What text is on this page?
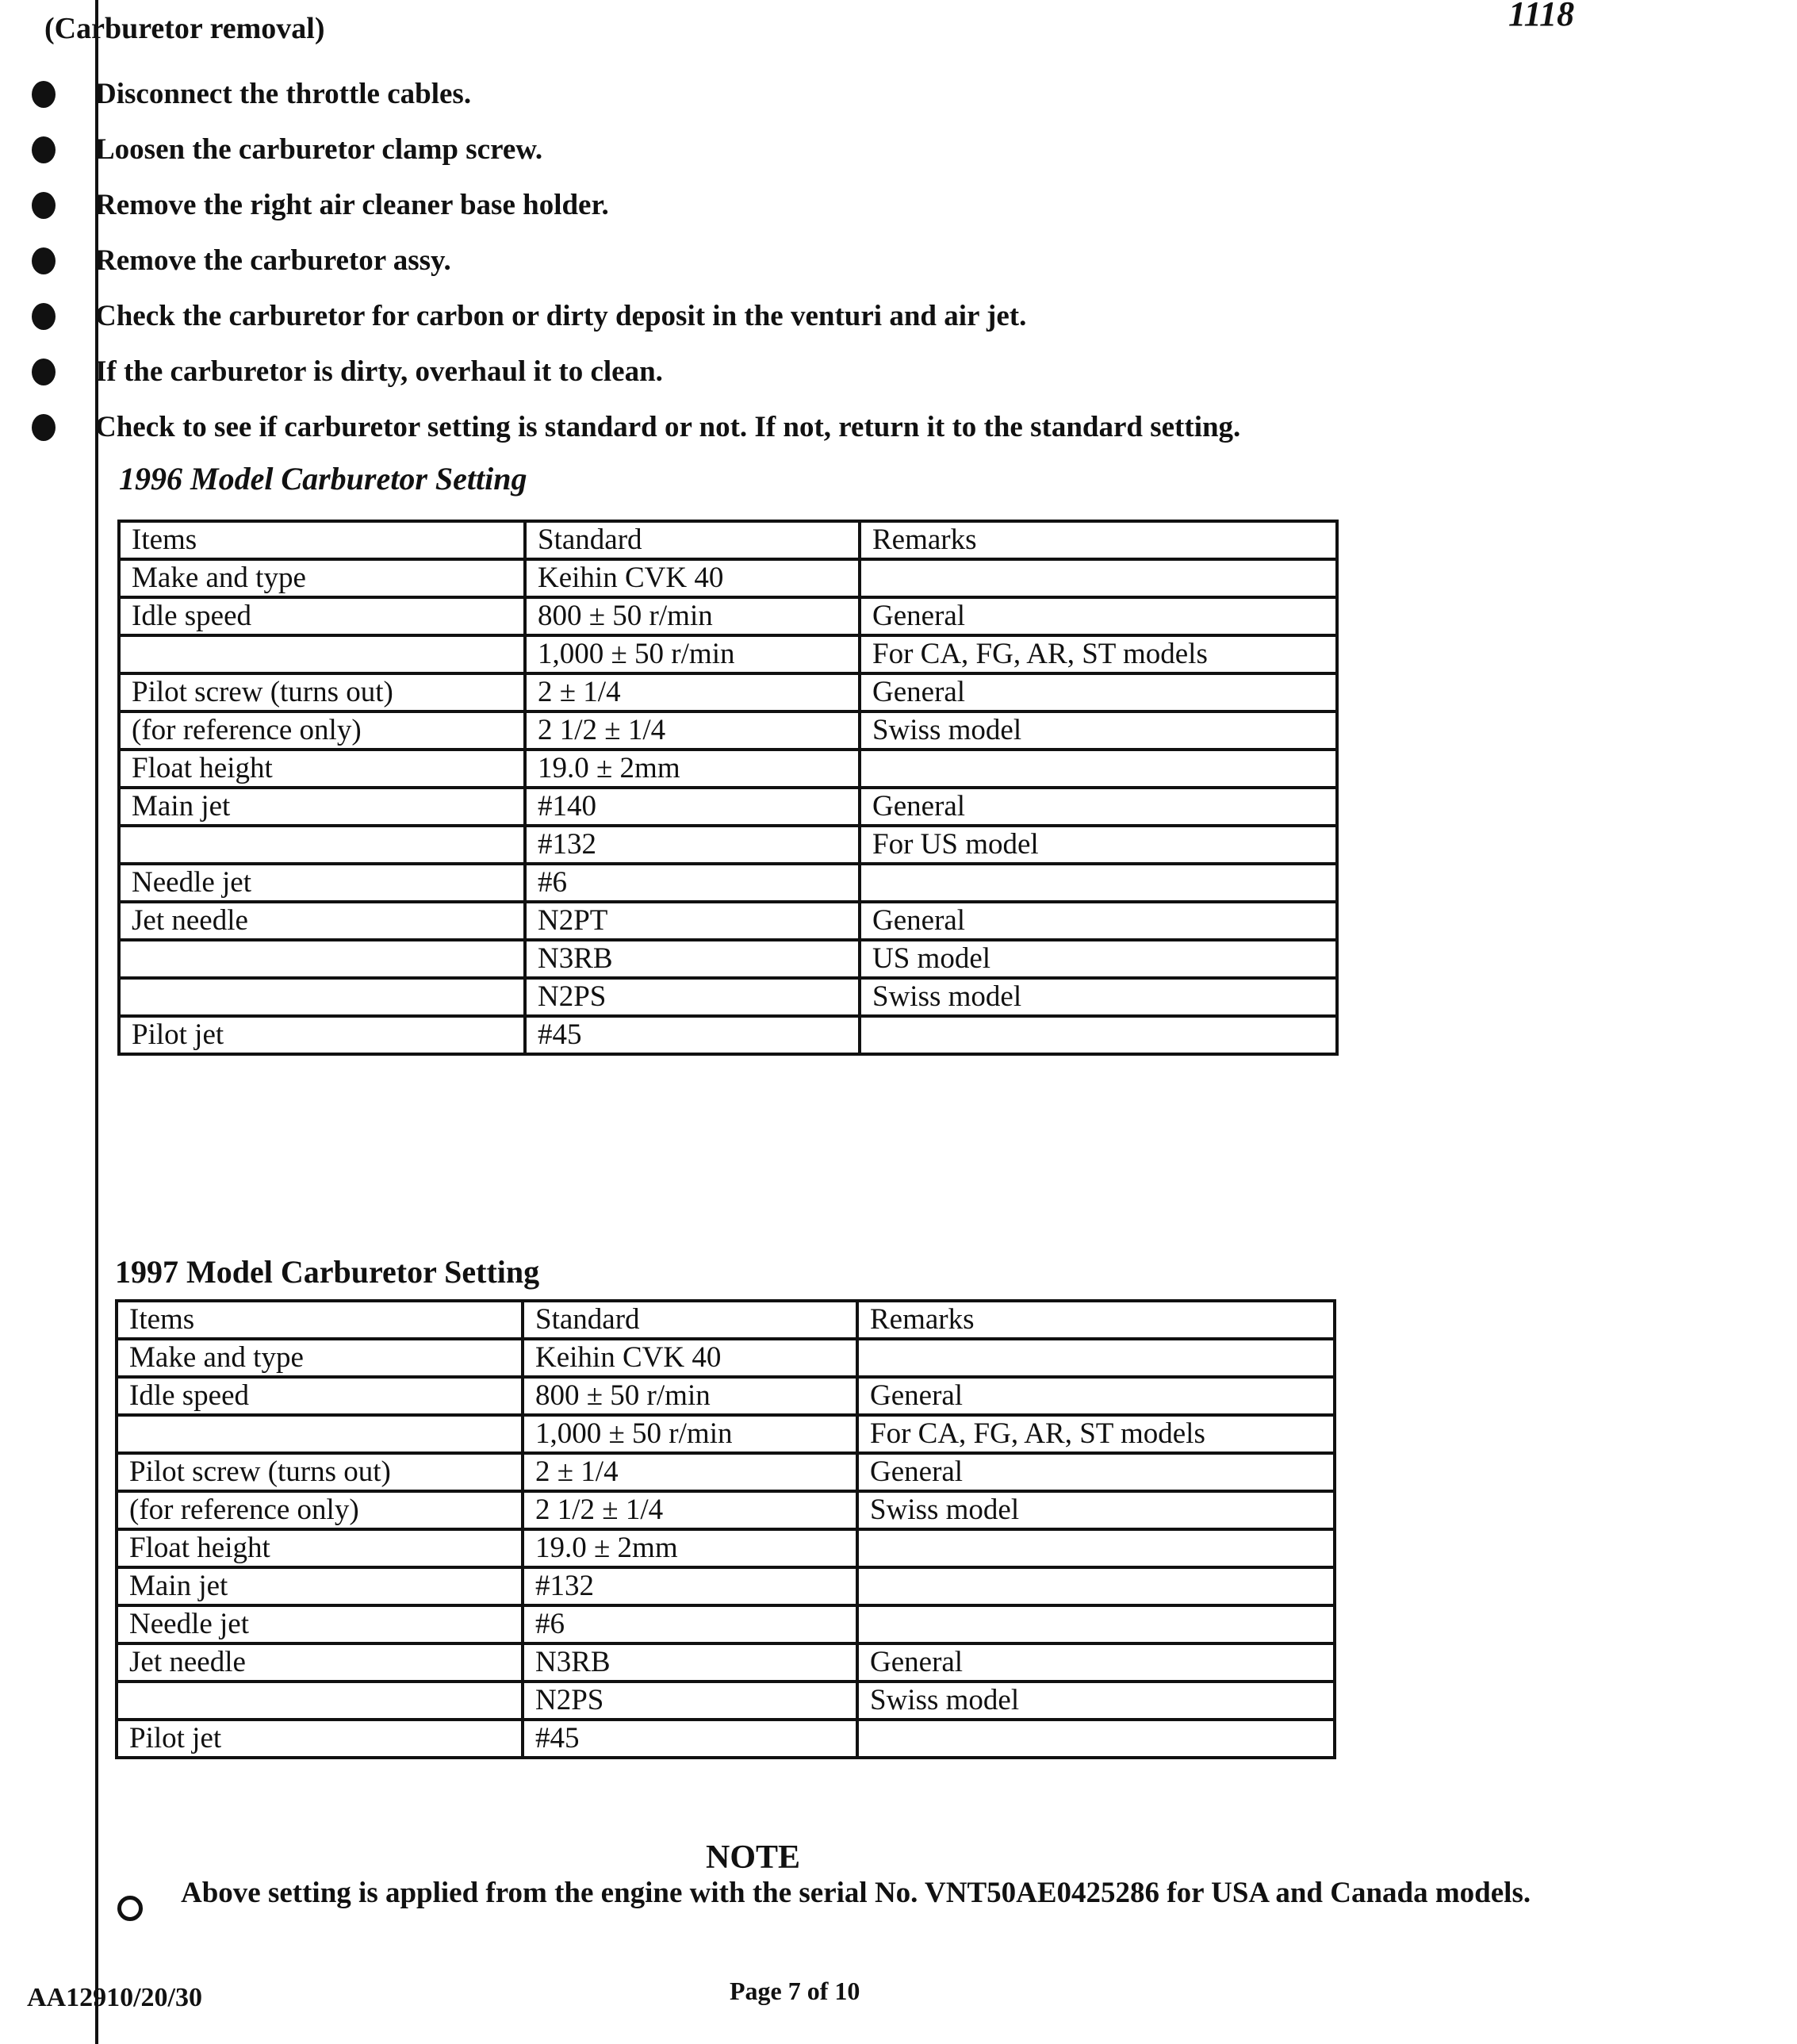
1118
(Carburetor removal)
Disconnect the throttle cables.
Loosen the carburetor clamp screw.
Remove the right air cleaner base holder.
Remove the carburetor assy.
Check the carburetor for carbon or dirty deposit in the venturi and air jet.
If the carburetor is dirty, overhaul it to clean.
Check to see if carburetor setting is standard or not. If not, return it to the standard setting.
1996 Model Carburetor Setting
Items	Standard	Remarks
Make and type	Keihin CVK 40	
Idle speed	800 ± 50 r/min	General
	1,000 ± 50 r/min	For CA, FG, AR, ST models
Pilot screw (turns out)	2 ± 1/4	General
(for reference only)	2 1/2 ± 1/4	Swiss model
Float height	19.0 ± 2mm	
Main jet	#140	General
	#132	For US model
Needle jet	#6	
Jet needle	N2PT	General
	N3RB	US model
	N2PS	Swiss model
Pilot jet	#45	
1997 Model Carburetor Setting
Items	Standard	Remarks
Make and type	Keihin CVK 40	
Idle speed	800 ± 50 r/min	General
	1,000 ± 50 r/min	For CA, FG, AR, ST models
Pilot screw (turns out)	2 ± 1/4	General
(for reference only)	2 1/2 ± 1/4	Swiss model
Float height	19.0 ± 2mm	
Main jet	#132	
Needle jet	#6	
Jet needle	N3RB	General
	N2PS	Swiss model
Pilot jet	#45	
NOTE
Above setting is applied from the engine with the serial No. VNT50AE0425286 for USA and Canada models.
AA12910/20/30	Page 7 of 10
